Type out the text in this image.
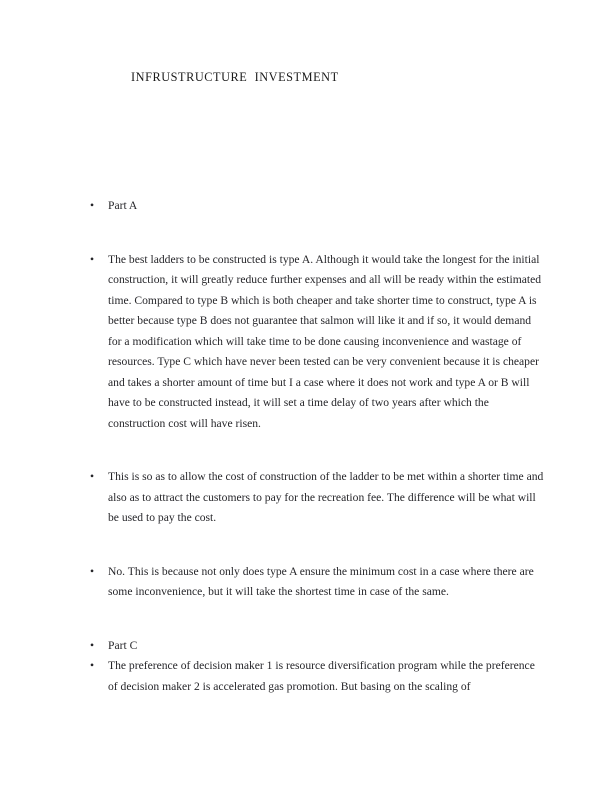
INFRUSTRUCTURE  INVESTMENT
•	Part A
•	The best ladders to be constructed is type A. Although it would take the longest for the initial construction, it will greatly reduce further expenses and all will be ready within the estimated time. Compared to type B which is both cheaper and take shorter time to construct, type A is better because type B does not guarantee that salmon will like it and if so, it would demand for a modification which will take time to be done causing inconvenience and wastage of resources. Type C which have never been tested can be very convenient because it is cheaper and takes a shorter amount of time but I a case where it does not work and type A or B will have to be constructed instead, it will set a time delay of two years after which the construction cost will have risen.
•	This is so as to allow the cost of construction of the ladder to be met within a shorter time and also as to attract the customers to pay for the recreation fee. The difference will be what will be used to pay the cost.
•	No. This is because not only does type A ensure the minimum cost in a case where there are some inconvenience, but it will take the shortest time in case of the same.
•	Part C
•	The preference of decision maker 1 is resource diversification program while the preference of decision maker 2 is accelerated gas promotion. But basing on the scaling of
